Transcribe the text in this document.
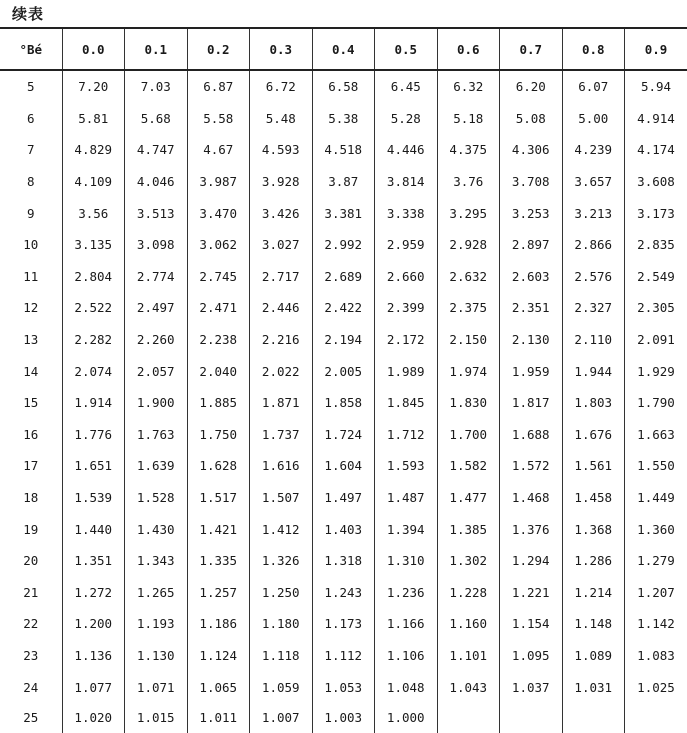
续表
°Bé	0.0	0.1	0.2	0.3	0.4	0.5	0.6	0.7	0.8	0.9
5	7.20	7.03	6.87	6.72	6.58	6.45	6.32	6.20	6.07	5.94
6	5.81	5.68	5.58	5.48	5.38	5.28	5.18	5.08	5.00	4.914
7	4.829	4.747	4.67	4.593	4.518	4.446	4.375	4.306	4.239	4.174
8	4.109	4.046	3.987	3.928	3.87	3.814	3.76	3.708	3.657	3.608
9	3.56	3.513	3.470	3.426	3.381	3.338	3.295	3.253	3.213	3.173
10	3.135	3.098	3.062	3.027	2.992	2.959	2.928	2.897	2.866	2.835
11	2.804	2.774	2.745	2.717	2.689	2.660	2.632	2.603	2.576	2.549
12	2.522	2.497	2.471	2.446	2.422	2.399	2.375	2.351	2.327	2.305
13	2.282	2.260	2.238	2.216	2.194	2.172	2.150	2.130	2.110	2.091
14	2.074	2.057	2.040	2.022	2.005	1.989	1.974	1.959	1.944	1.929
15	1.914	1.900	1.885	1.871	1.858	1.845	1.830	1.817	1.803	1.790
16	1.776	1.763	1.750	1.737	1.724	1.712	1.700	1.688	1.676	1.663
17	1.651	1.639	1.628	1.616	1.604	1.593	1.582	1.572	1.561	1.550
18	1.539	1.528	1.517	1.507	1.497	1.487	1.477	1.468	1.458	1.449
19	1.440	1.430	1.421	1.412	1.403	1.394	1.385	1.376	1.368	1.360
20	1.351	1.343	1.335	1.326	1.318	1.310	1.302	1.294	1.286	1.279
21	1.272	1.265	1.257	1.250	1.243	1.236	1.228	1.221	1.214	1.207
22	1.200	1.193	1.186	1.180	1.173	1.166	1.160	1.154	1.148	1.142
23	1.136	1.130	1.124	1.118	1.112	1.106	1.101	1.095	1.089	1.083
24	1.077	1.071	1.065	1.059	1.053	1.048	1.043	1.037	1.031	1.025
25	1.020	1.015	1.011	1.007	1.003	1.000				
